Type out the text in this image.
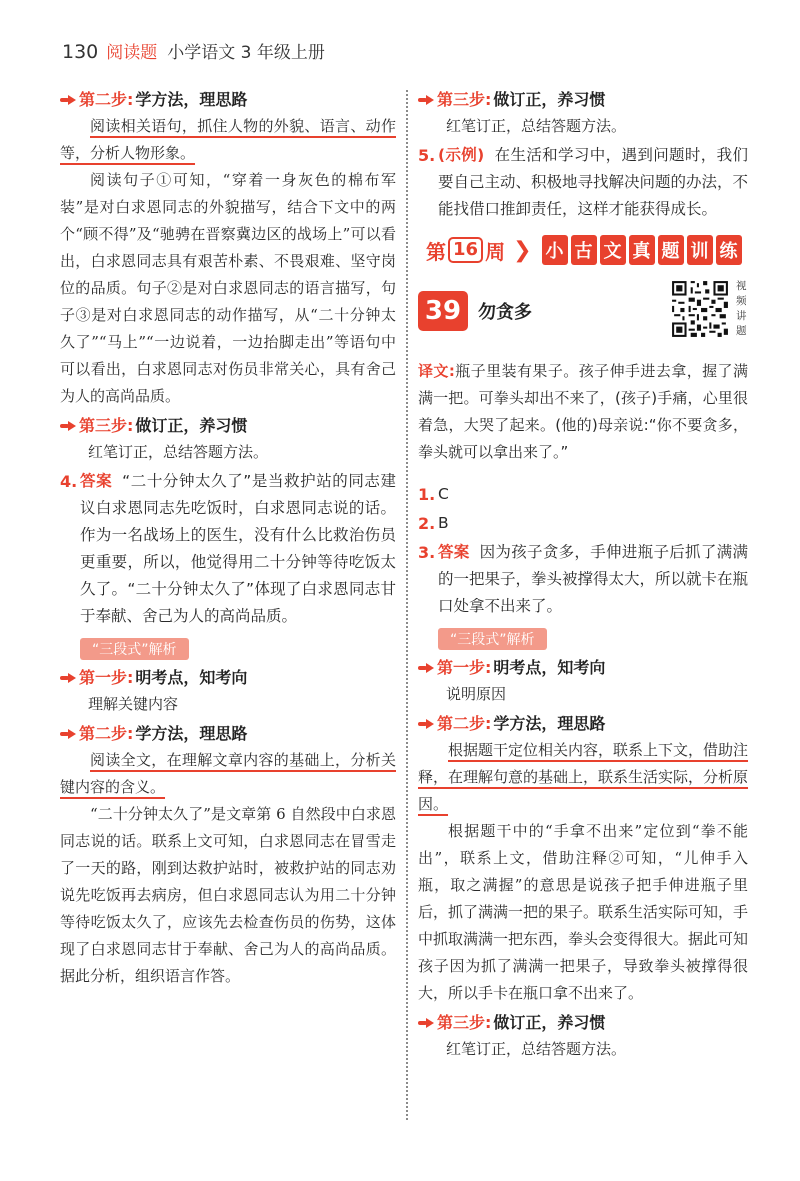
130 阅读题 小学语文 3 年级上册
第二步: 学方法，理思路

阅读相关语句，抓住人物的外貌、语言、动作等，分析人物形象。

阅读句子①可知，“穿着一身灰色的棉布军装”是对白求恩同志的外貌描写，结合下文中的两个“顾不得”及“驰骋在晋察冀边区的战场上”可以看出，白求恩同志具有艰苦朴素、不畏艰难、坚守岗位的品质。句子②是对白求恩同志的语言描写，句子③是对白求恩同志的动作描写，从“二十分钟太久了”“马上”“一边说着，一边抬脚走出”等语句中可以看出，白求恩同志对伤员非常关心，具有舍己为人的高尚品质。

第三步: 做订正，养习惯

红笔订正，总结答题方法。

4. 答案 “二十分钟太久了”是当救护站的同志建议白求恩同志先吃饭时，白求恩同志说的话。作为一名战场上的医生，没有什么比救治伤员更重要，所以，他觉得用二十分钟等待吃饭太久了。“二十分钟太久了”体现了白求恩同志甘于奉献、舍己为人的高尚品质。
“三段式”解析
第一步: 明考点，知考向

理解关键内容

第二步: 学方法，理思路

阅读全文，在理解文章内容的基础上，分析关键内容的含义。

“二十分钟太久了”是文章第 6 自然段中白求恩同志说的话。联系上文可知，白求恩同志在冒雪走了一天的路，刚到达救护站时，被救护站的同志劝说先吃饭再去病房，但白求恩同志认为用二十分钟等待吃饭太久了，应该先去检查伤员的伤势，这体现了白求恩同志甘于奉献、舍己为人的高尚品质。据此分析，组织语言作答。

第三步: 做订正，养习惯

红笔订正，总结答题方法。

5. (示例) 在生活和学习中，遇到问题时，我们要自己主动、积极地寻找解决问题的办法，不能找借口推卸责任，这样才能获得成长。
第 16 周 ❯ 小 古 文 真 题 训 练
39 勿贪多
视频讲题

译文:瓶子里装有果子。孩子伸手进去拿，握了满满一把。可拳头却出不来了，(孩子)手痛，心里很着急，大哭了起来。(他的)母亲说:“你不要贪多，拳头就可以拿出来了。”

1. C
2. B
3. 答案 因为孩子贪多，手伸进瓶子后抓了满满的一把果子，拳头被撑得太大，所以就卡在瓶口处拿不出来了。
“三段式”解析
第一步: 明考点，知考向

说明原因

第二步: 学方法，理思路

根据题干定位相关内容，联系上下文，借助注释，在理解句意的基础上，联系生活实际，分析原因。

根据题干中的“手拿不出来”定位到“拳不能出”，联系上文，借助注释②可知，“儿伸手入瓶，取之满握”的意思是说孩子把手伸进瓶子里后，抓了满满一把的果子。联系生活实际可知，手中抓取满满一把东西，拳头会变得很大。据此可知孩子因为抓了满满一把果子，导致拳头被撑得很大，所以手卡在瓶口拿不出来了。

第三步: 做订正，养习惯

红笔订正，总结答题方法。
